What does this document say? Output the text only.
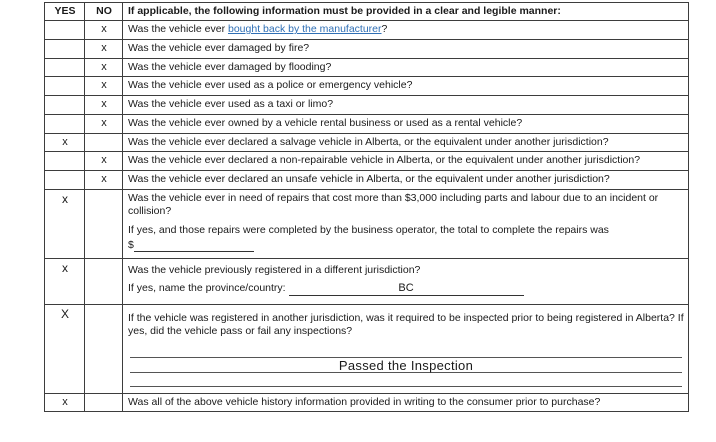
YES	NO	If applicable, the following information must be provided in a clear and legible manner:
	x	Was the vehicle ever bought back by the manufacturer?
	x	Was the vehicle ever damaged by fire?
	x	Was the vehicle ever damaged by flooding?
	x	Was the vehicle ever used as a police or emergency vehicle?
	x	Was the vehicle ever used as a taxi or limo?
	x	Was the vehicle ever owned by a vehicle rental business or used as a rental vehicle?
x		Was the vehicle ever declared a salvage vehicle in Alberta, or the equivalent under another jurisdiction?
	x	Was the vehicle ever declared a non-repairable vehicle in Alberta, or the equivalent under another jurisdiction?
	x	Was the vehicle ever declared an unsafe vehicle in Alberta, or the equivalent under another jurisdiction?
x		Was the vehicle ever in need of repairs that cost more than $3,000 including parts and labour due to an incident or collision?
If yes, and those repairs were completed by the business operator, the total to complete the repairs was
$

x		Was the vehicle previously registered in a different jurisdiction?
If yes, name the province/country: BC

X		If the vehicle was registered in another jurisdiction, was it required to be inspected prior to being registered in Alberta? If yes, did the vehicle pass or fail any inspections?
Passed the Inspection

x		Was all of the above vehicle history information provided in writing to the consumer prior to purchase?
